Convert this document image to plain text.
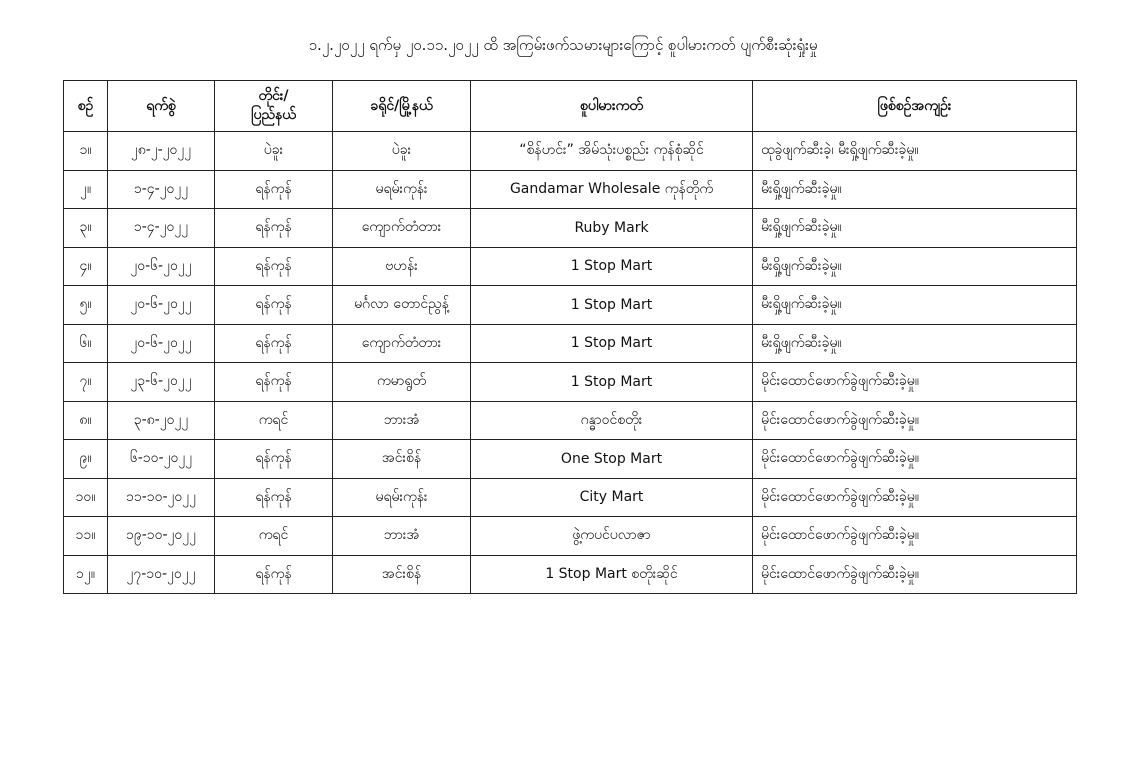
၁.၂.၂၀၂၂ ရက်မှ ၂၀.၁၁.၂၀၂၂ ထိ အကြမ်းဖက်သမားများကြောင့် စူပါမားကတ် ပျက်စီးဆုံးရှုံးမှု
စဉ်	ရက်စွဲ	တိုင်း/
ပြည်နယ်	ခရိုင်/မြို့နယ်	စူပါမားကတ်	ဖြစ်စဉ်အကျဉ်း
၁။	၂၈-၂-၂၀၂၂	ပဲခူး	ပဲခူး	“စိန်ဟင်း” အိမ်သုံးပစ္စည်း ကုန်စုံဆိုင်	ထုခွဲဖျက်ဆီးခဲ့၊ မီးရှို့ဖျက်ဆီးခဲ့မှု။
၂။	၁-၄-၂၀၂၂	ရန်ကုန်	မရမ်းကုန်း	Gandamar Wholesale ကုန်တိုက်	မီးရှို့ဖျက်ဆီးခဲ့မှု။
၃။	၁-၄-၂၀၂၂	ရန်ကုန်	ကျောက်တံတား	Ruby Mark	မီးရှို့ဖျက်ဆီးခဲ့မှု။
၄။	၂၀-၆-၂၀၂၂	ရန်ကုန်	ဗဟန်း	1 Stop Mart	မီးရှို့ဖျက်ဆီးခဲ့မှု။
၅။	၂၀-၆-၂၀၂၂	ရန်ကုန်	မင်္ဂလာ တောင်ညွန့်	1 Stop Mart	မီးရှို့ဖျက်ဆီးခဲ့မှု။
၆။	၂၀-၆-၂၀၂၂	ရန်ကုန်	ကျောက်တံတား	1 Stop Mart	မီးရှို့ဖျက်ဆီးခဲ့မှု။
၇။	၂၃-၆-၂၀၂၂	ရန်ကုန်	ကမာရွတ်	1 Stop Mart	မိုင်းထောင်ဖောက်ခွဲဖျက်ဆီးခဲ့မှု။
၈။	၃-၈-၂၀၂၂	ကရင်	ဘားအံ	ဂန္ဓာဝင်စတိုး	မိုင်းထောင်ဖောက်ခွဲဖျက်ဆီးခဲ့မှု။
၉။	၆-၁၀-၂၀၂၂	ရန်ကုန်	အင်းစိန်	One Stop Mart	မိုင်းထောင်ဖောက်ခွဲဖျက်ဆီးခဲ့မှု။
၁၀။	၁၁-၁၀-၂၀၂၂	ရန်ကုန်	မရမ်းကုန်း	City Mart	မိုင်းထောင်ဖောက်ခွဲဖျက်ဆီးခဲ့မှု။
၁၁။	၁၉-၁၀-၂၀၂၂	ကရင်	ဘားအံ	ဖွဲ့ကပင်ပလာဇာ	မိုင်းထောင်ဖောက်ခွဲဖျက်ဆီးခဲ့မှု။
၁၂။	၂၇-၁၀-၂၀၂၂	ရန်ကုန်	အင်းစိန်	1 Stop Mart စတိုးဆိုင်	မိုင်းထောင်ဖောက်ခွဲဖျက်ဆီးခဲ့မှု။
